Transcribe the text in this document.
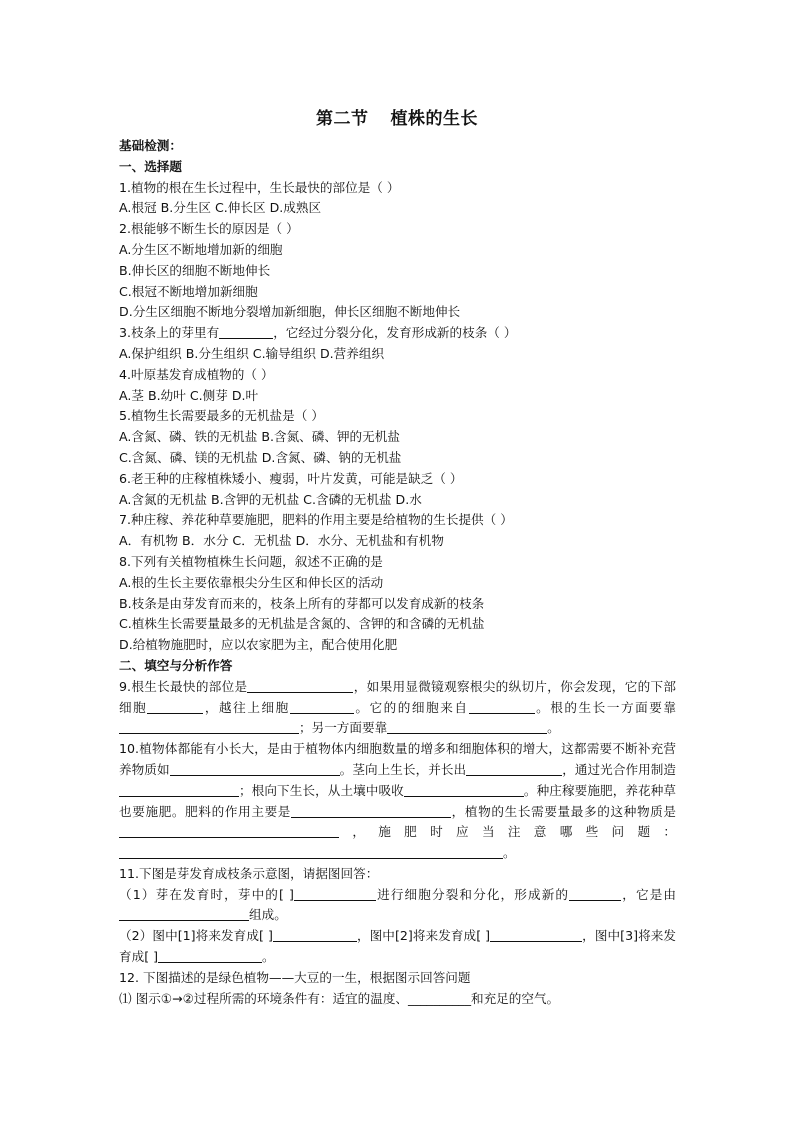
第二节 植株的生长
基础检测：
一、选择题
1.植物的根在生长过程中，生长最快的部位是（ ）
A.根冠 B.分生区 C.伸长区 D.成熟区
2.根能够不断生长的原因是（ ）
A.分生区不断地增加新的细胞
B.伸长区的细胞不断地伸长
C.根冠不断地增加新细胞
D.分生区细胞不断地分裂增加新细胞，伸长区细胞不断地伸长
3.枝条上的芽里有	，它经过分裂分化，发育形成新的枝条（ ）
A.保护组织 B.分生组织 C.输导组织 D.营养组织
4.叶原基发育成植物的（ ）
A.茎 B.幼叶 C.侧芽 D.叶
5.植物生长需要最多的无机盐是（ ）
A.含氮、磷、铁的无机盐 B.含氮、磷、钾的无机盐
C.含氮、磷、镁的无机盐 D.含氮、磷、钠的无机盐
6.老王种的庄稼植株矮小、瘦弱，叶片发黄，可能是缺乏（ ）
A.含氮的无机盐 B.含钾的无机盐 C.含磷的无机盐 D.水
7.种庄稼、养花种草要施肥，肥料的作用主要是给植物的生长提供（ ）
A．有机物 B．水分 C．无机盐 D．水分、无机盐和有机物
8.下列有关植物植株生长问题，叙述不正确的是
A.根的生长主要依靠根尖分生区和伸长区的活动
B.枝条是由芽发育而来的，枝条上所有的芽都可以发育成新的枝条
C.植株生长需要量最多的无机盐是含氮的、含钾的和含磷的无机盐
D.给植物施肥时，应以农家肥为主，配合使用化肥
二、填空与分析作答
9.根生长最快的部位是	，如果用显微镜观察根尖的纵切片，你会发现，它的下部细胞	，越往上细胞	。它的的细胞来自	。根的生长一方面要靠；另一方面要靠	。
10.植物体都能有小长大，是由于植物体内细胞数量的增多和细胞体积的增大，这都需要不断补充营养物质如	。茎向上生长，并长出	，通过光合作用制造；根向下生长，从土壤中吸收	。种庄稼要施肥，养花种草也要施肥。肥料的作用主要是	，植物的生长需要量最多的这种物质是，施肥时应当注意哪些问题：。
11.下图是芽发育成枝条示意图，请据图回答：
（1）芽在发育时，芽中的[ ]	进行细胞分裂和分化，形成新的	，它是由组成。
（2）图中[1]将来发育成[ ]	，图中[2]将来发育成[ ]	，图中[3]将来发育成[ ]	。
12. 下图描述的是绿色植物——大豆的一生，根据图示回答问题
⑴ 图示①→②过程所需的环境条件有：适宜的温度、__________和充足的空气。
